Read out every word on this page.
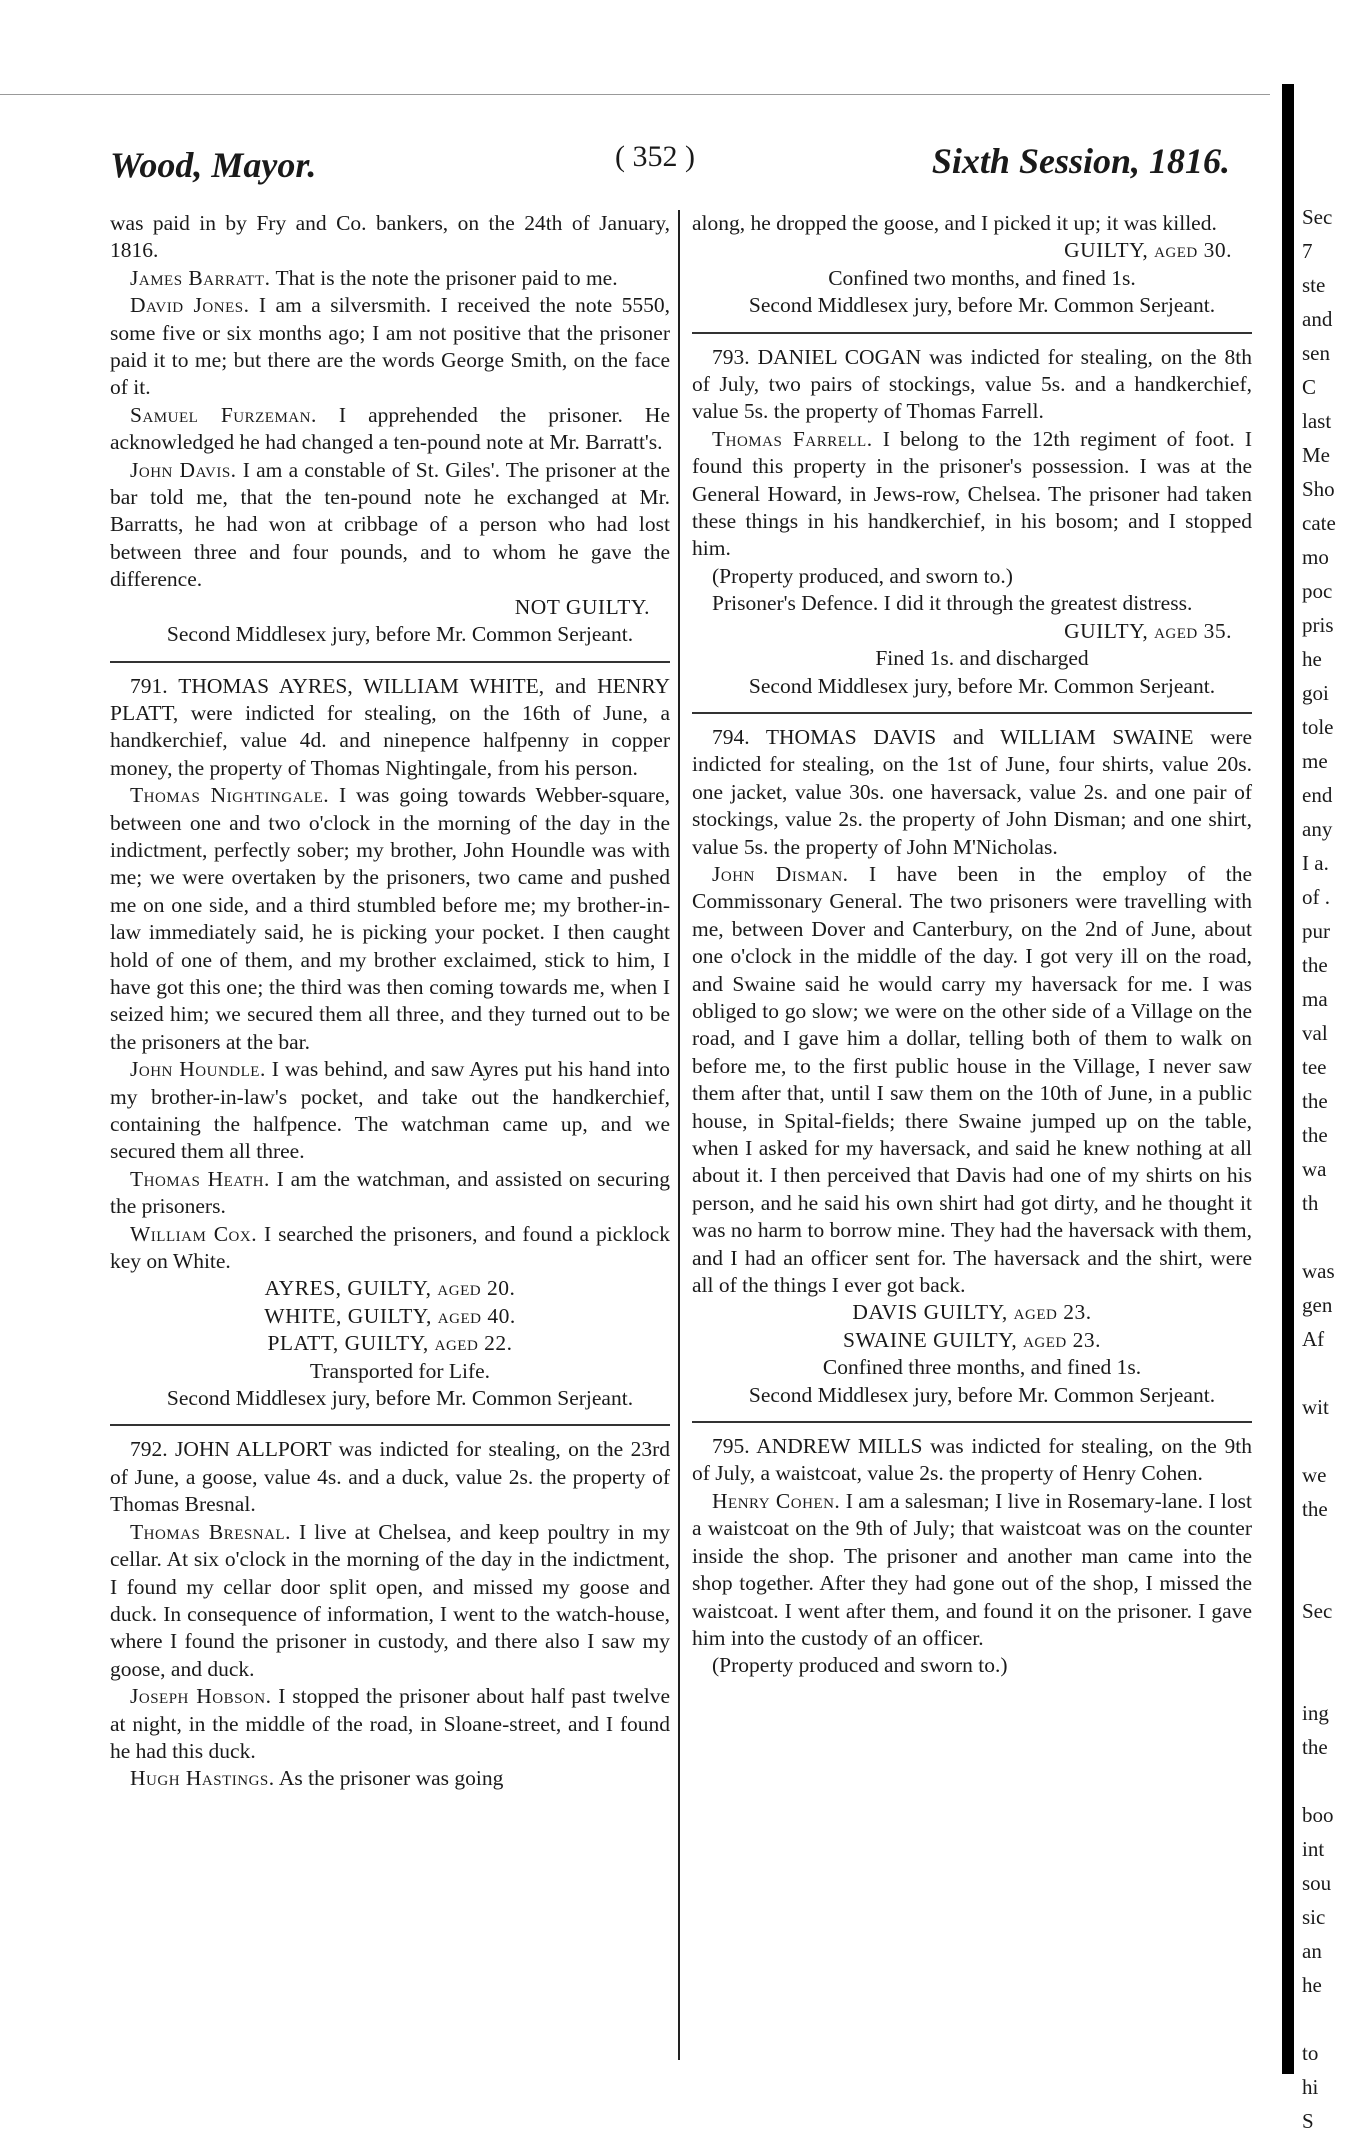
Wood, Mayor.	( 352 )	Sixth Session, 1816.

was paid in by Fry and Co. bankers, on the 24th of January, 1816.

James Barratt. That is the note the prisoner paid to me.

David Jones. I am a silversmith. I received the note 5550, some five or six months ago; I am not positive that the prisoner paid it to me; but there are the words George Smith, on the face of it.

Samuel Furzeman. I apprehended the prisoner. He acknowledged he had changed a ten-pound note at Mr. Barratt's.

John Davis. I am a constable of St. Giles'. The prisoner at the bar told me, that the ten-pound note he exchanged at Mr. Barratts, he had won at cribbage of a person who had lost between three and four pounds, and to whom he gave the difference.

NOT GUILTY.

Second Middlesex jury, before Mr. Common Serjeant.

791. THOMAS AYRES, WILLIAM WHITE, and HENRY PLATT, were indicted for stealing, on the 16th of June, a handkerchief, value 4d. and ninepence halfpenny in copper money, the property of Thomas Nightingale, from his person.

Thomas Nightingale. I was going towards Webber-square, between one and two o'clock in the morning of the day in the indictment, perfectly sober; my brother, John Houndle was with me; we were overtaken by the prisoners, two came and pushed me on one side, and a third stumbled before me; my brother-in-law immediately said, he is picking your pocket. I then caught hold of one of them, and my brother exclaimed, stick to him, I have got this one; the third was then coming towards me, when I seized him; we secured them all three, and they turned out to be the prisoners at the bar.

John Houndle. I was behind, and saw Ayres put his hand into my brother-in-law's pocket, and take out the handkerchief, containing the halfpence. The watchman came up, and we secured them all three.

Thomas Heath. I am the watchman, and assisted on securing the prisoners.

William Cox. I searched the prisoners, and found a picklock key on White.

AYRES, GUILTY, aged 20.
WHITE, GUILTY, aged 40.
PLATT, GUILTY, aged 22.

Transported for Life.

Second Middlesex jury, before Mr. Common Serjeant.

792. JOHN ALLPORT was indicted for stealing, on the 23rd of June, a goose, value 4s. and a duck, value 2s. the property of Thomas Bresnal.

Thomas Bresnal. I live at Chelsea, and keep poultry in my cellar. At six o'clock in the morning of the day in the indictment, I found my cellar door split open, and missed my goose and duck. In consequence of information, I went to the watch-house, where I found the prisoner in custody, and there also I saw my goose, and duck.

Joseph Hobson. I stopped the prisoner about half past twelve at night, in the middle of the road, in Sloane-street, and I found he had this duck.

Hugh Hastings. As the prisoner was going

along, he dropped the goose, and I picked it up; it was killed.

GUILTY, aged 30.

Confined two months, and fined 1s.

Second Middlesex jury, before Mr. Common Serjeant.

793. DANIEL COGAN was indicted for stealing, on the 8th of July, two pairs of stockings, value 5s. and a handkerchief, value 5s. the property of Thomas Farrell.

Thomas Farrell. I belong to the 12th regiment of foot. I found this property in the prisoner's possession. I was at the General Howard, in Jews-row, Chelsea. The prisoner had taken these things in his handkerchief, in his bosom; and I stopped him.

(Property produced, and sworn to.)

Prisoner's Defence. I did it through the greatest distress.

GUILTY, aged 35.

Fined 1s. and discharged

Second Middlesex jury, before Mr. Common Serjeant.

794. THOMAS DAVIS and WILLIAM SWAINE were indicted for stealing, on the 1st of June, four shirts, value 20s. one jacket, value 30s. one haversack, value 2s. and one pair of stockings, value 2s. the property of John Disman; and one shirt, value 5s. the property of John M'Nicholas.

John Disman. I have been in the employ of the Commissonary General. The two prisoners were travelling with me, between Dover and Canterbury, on the 2nd of June, about one o'clock in the middle of the day. I got very ill on the road, and Swaine said he would carry my haversack for me. I was obliged to go slow; we were on the other side of a Village on the road, and I gave him a dollar, telling both of them to walk on before me, to the first public house in the Village, I never saw them after that, until I saw them on the 10th of June, in a public house, in Spital-fields; there Swaine jumped up on the table, when I asked for my haversack, and said he knew nothing at all about it. I then perceived that Davis had one of my shirts on his person, and he said his own shirt had got dirty, and he thought it was no harm to borrow mine. They had the haversack with them, and I had an officer sent for. The haversack and the shirt, were all of the things I ever got back.

DAVIS GUILTY, aged 23.
SWAINE GUILTY, aged 23.

Confined three months, and fined 1s.

Second Middlesex jury, before Mr. Common Serjeant.

795. ANDREW MILLS was indicted for stealing, on the 9th of July, a waistcoat, value 2s. the property of Henry Cohen.

Henry Cohen. I am a salesman; I live in Rosemary-lane. I lost a waistcoat on the 9th of July; that waistcoat was on the counter inside the shop. The prisoner and another man came into the shop together. After they had gone out of the shop, I missed the waistcoat. I went after them, and found it on the prisoner. I gave him into the custody of an officer.

(Property produced and sworn to.)

Sec
7
ste
and
sen
C
last
Me
Sho
cate
mo
poc
pris
he
goi
tole
me
end
any
I a.
of .
pur
the
ma
val
tee
the
the
wa
th

was
gen
Af

wit

we
the

Sec

ing
the

boo
int
sou
sic
an
he

to
hi
S
